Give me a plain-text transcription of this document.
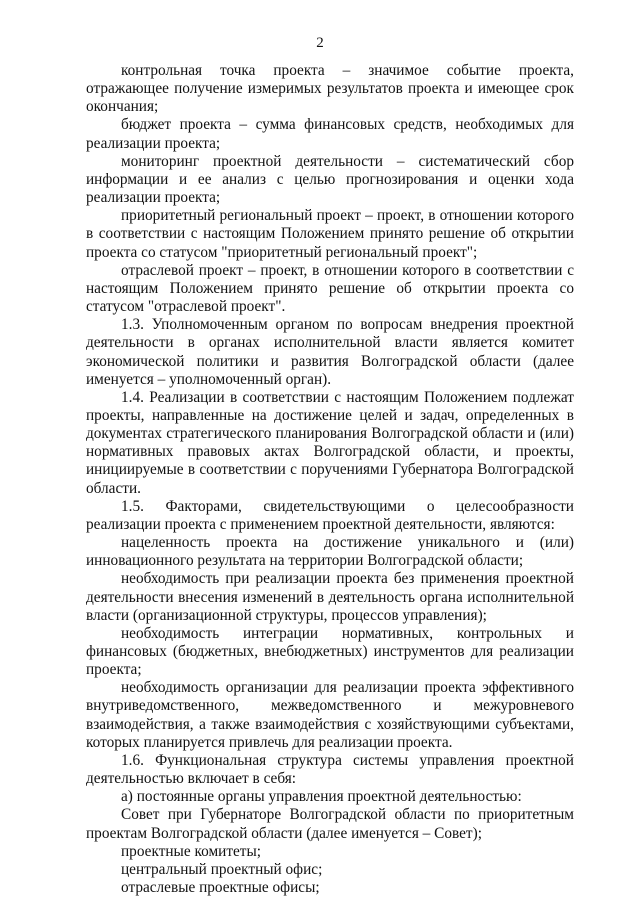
2

контрольная точка проекта – значимое событие проекта, отражающее получение измеримых результатов проекта и имеющее срок окончания;

бюджет проекта – сумма финансовых средств, необходимых для реализации проекта;

мониторинг проектной деятельности – систематический сбор информации и ее анализ с целью прогнозирования и оценки хода реализации проекта;

приоритетный региональный проект – проект, в отношении которого в соответствии с настоящим Положением принято решение об открытии проекта со статусом "приоритетный региональный проект";

отраслевой проект – проект, в отношении которого в соответствии с настоящим Положением принято решение об открытии проекта со статусом "отраслевой проект".

1.3. Уполномоченным органом по вопросам внедрения проектной деятельности в органах исполнительной власти является комитет экономической политики и развития Волгоградской области (далее именуется – уполномоченный орган).

1.4. Реализации в соответствии с настоящим Положением подлежат проекты, направленные на достижение целей и задач, определенных в документах стратегического планирования Волгоградской области и (или) нормативных правовых актах Волгоградской области, и проекты, инициируемые в соответствии с поручениями Губернатора Волгоградской области.

1.5. Факторами, свидетельствующими о целесообразности реализации проекта с применением проектной деятельности, являются:

нацеленность проекта на достижение уникального и (или) инновационного результата на территории Волгоградской области;

необходимость при реализации проекта без применения проектной деятельности внесения изменений в деятельность органа исполнительной власти (организационной структуры, процессов управления);

необходимость интеграции нормативных, контрольных и финансовых (бюджетных, внебюджетных) инструментов для реализации проекта;

необходимость организации для реализации проекта эффективного внутриведомственного, межведомственного и межуровневого взаимодействия, а также взаимодействия с хозяйствующими субъектами, которых планируется привлечь для реализации проекта.

1.6. Функциональная структура системы управления проектной деятельностью включает в себя:

а) постоянные органы управления проектной деятельностью:

Совет при Губернаторе Волгоградской области по приоритетным проектам Волгоградской области (далее именуется – Совет);

проектные комитеты;

центральный проектный офис;

отраслевые проектные офисы;
